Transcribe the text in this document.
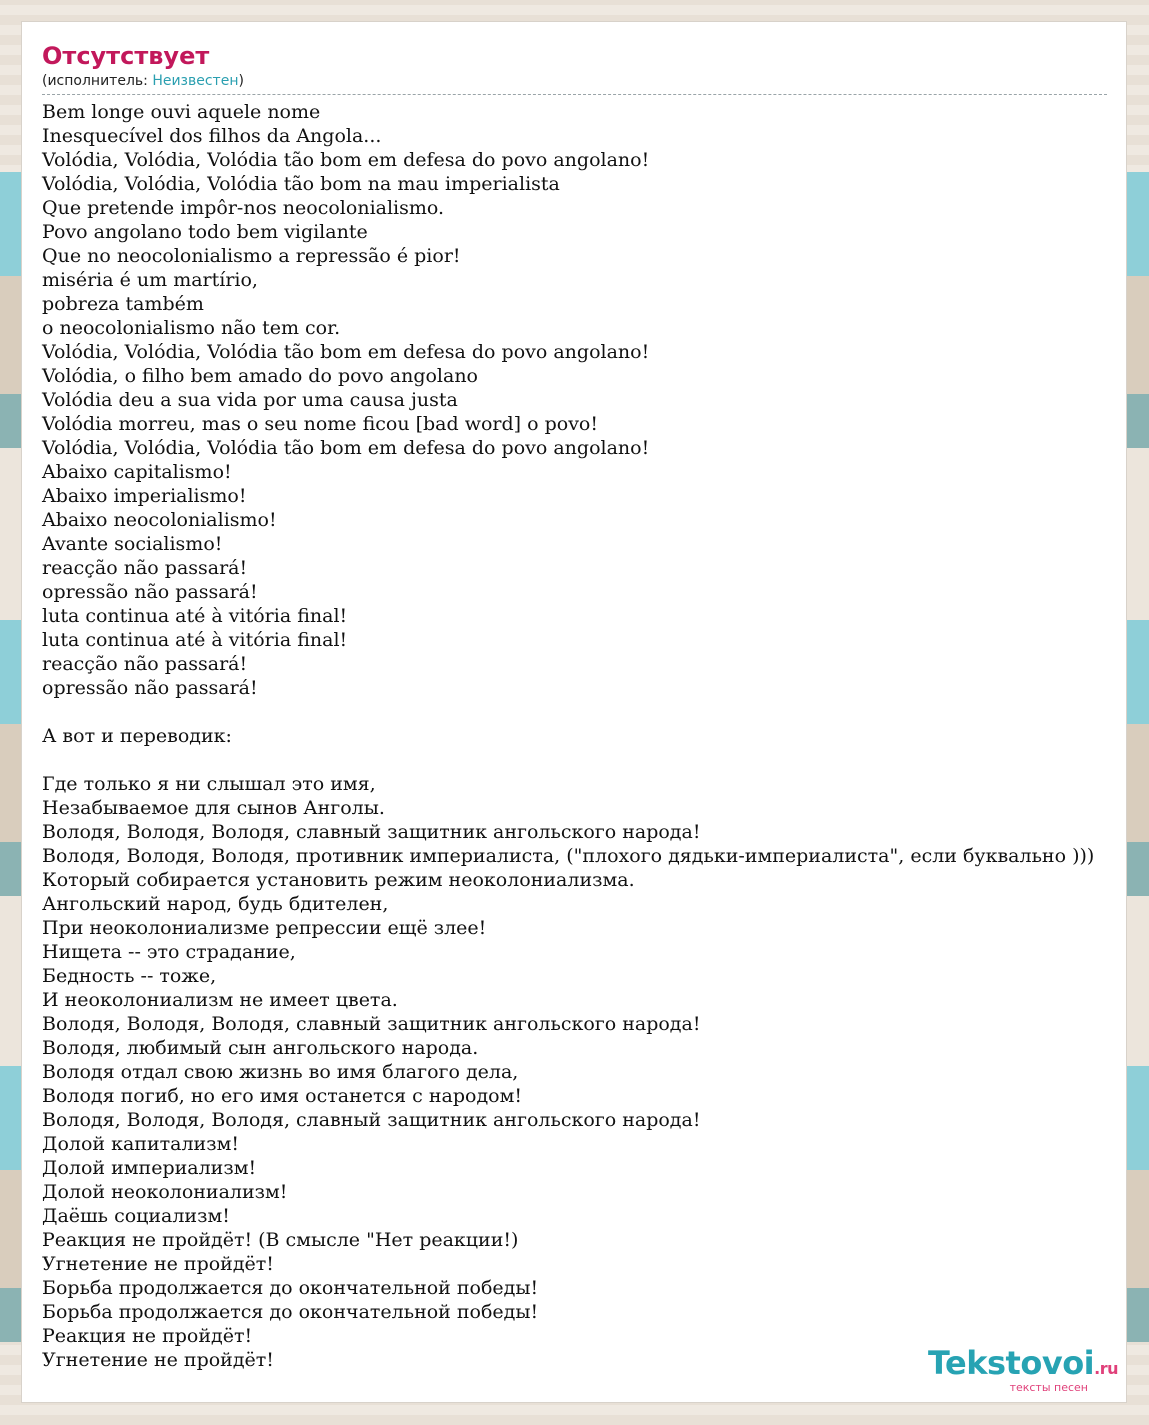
Отсутствует
(исполнитель: Неизвестен)
Bem longe ouvi aquele nome
Inesquecível dos filhos da Angola...
Volódia, Volódia, Volódia tão bom em defesa do povo angolano!
Volódia, Volódia, Volódia tão bom na mau imperialista
Que pretende impôr-nos neocolonialismo.
Povo angolano todo bem vigilante
Que no neocolonialismo a repressão é pior!
miséria é um martírio,
pobreza também
o neocolonialismo não tem cor.
Volódia, Volódia, Volódia tão bom em defesa do povo angolano!
Volódia, o filho bem amado do povo angolano
Volódia deu a sua vida por uma causa justa
Volódia morreu, mas o seu nome ficou [bad word] o povo!
Volódia, Volódia, Volódia tão bom em defesa do povo angolano!
Abaixo capitalismo!
Abaixo imperialismo!
Abaixo neocolonialismo!
Avante socialismo!
reacção não passará!
opressão não passará!
luta continua até à vitória final!
luta continua até à vitória final!
reacção não passará!
opressão não passará!
А вот и переводик:
Где только я ни слышал это имя,
Незабываемое для сынов Анголы.
Володя, Володя, Володя, славный защитник ангольского народа!
Володя, Володя, Володя, противник империалиста, ("плохого дядьки-империалиста", если буквально )))
Который собирается установить режим неоколониализма.
Ангольский народ, будь бдителен,
При неоколониализме репрессии ещё злее!
Нищета -- это страдание,
Бедность -- тоже,
И неоколониализм не имеет цвета.
Володя, Володя, Володя, славный защитник ангольского народа!
Володя, любимый сын ангольского народа.
Володя отдал свою жизнь во имя благого дела,
Володя погиб, но его имя останется с народом!
Володя, Володя, Володя, славный защитник ангольского народа!
Долой капитализм!
Долой империализм!
Долой неоколониализм!
Даёшь социализм!
Реакция не пройдёт! (В смысле "Нет реакции!)
Угнетение не пройдёт!
Борьба продолжается до окончательной победы!
Борьба продолжается до окончательной победы!
Реакция не пройдёт!
Угнетение не пройдёт!	Tekstovoi.ru
тексты песен
